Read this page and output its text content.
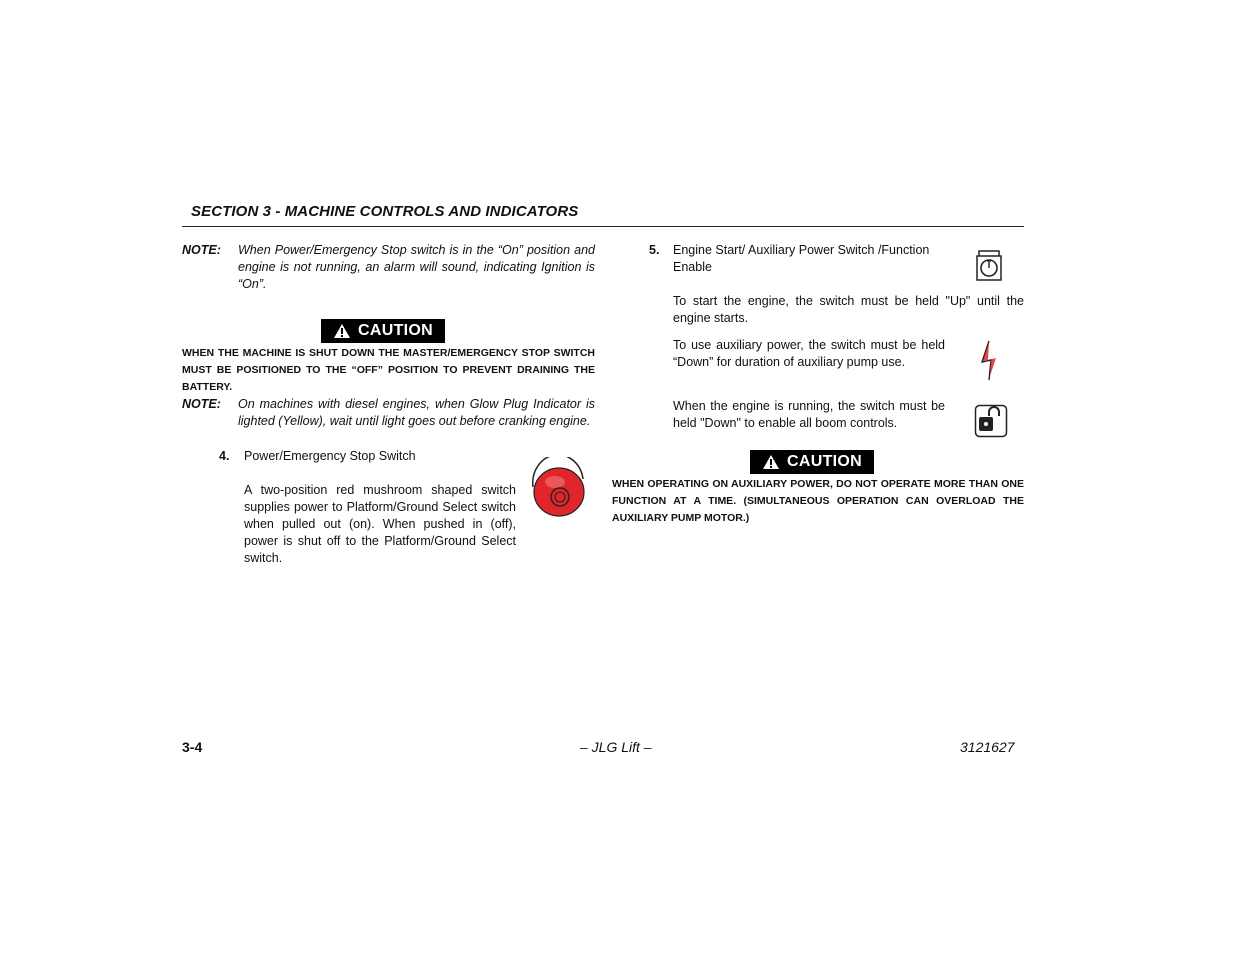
SECTION 3 - MACHINE CONTROLS AND INDICATORS
NOTE: When Power/Emergency Stop switch is in the “On” position and engine is not running, an alarm will sound, indicating Ignition is “On”.
CAUTION
WHEN THE MACHINE IS SHUT DOWN THE MASTER/EMERGENCY STOP SWITCH MUST BE POSITIONED TO THE “OFF” POSITION TO PREVENT DRAINING THE BATTERY.
NOTE: On machines with diesel engines, when Glow Plug Indicator is lighted (Yellow), wait until light goes out before cranking engine.
4. Power/Emergency Stop Switch
A two-position red mushroom shaped switch supplies power to Platform/Ground Select switch when pulled out (on). When pushed in (off), power is shut off to the Platform/Ground Select switch.
5. Engine Start/ Auxiliary Power Switch /Function Enable
To start the engine, the switch must be held "Up" until the engine starts.
To use auxiliary power, the switch must be held “Down” for duration of auxiliary pump use.
When the engine is running, the switch must be held "Down" to enable all boom controls.
CAUTION
WHEN OPERATING ON AUXILIARY POWER, DO NOT OPERATE MORE THAN ONE FUNCTION AT A TIME. (SIMULTANEOUS OPERATION CAN OVERLOAD THE AUXILIARY PUMP MOTOR.)
3-4	– JLG Lift –	3121627
